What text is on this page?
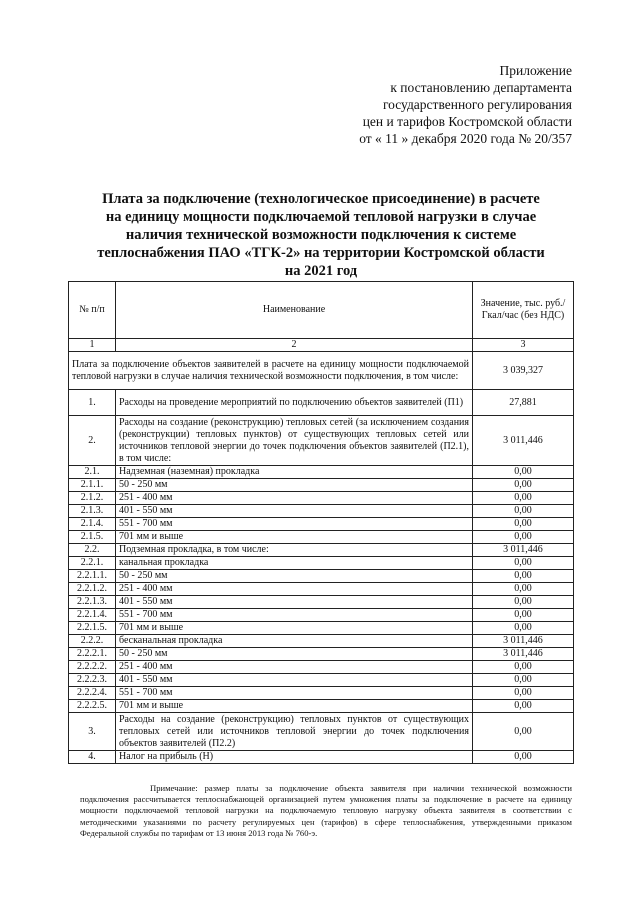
Приложение
к постановлению департамента
государственного регулирования
цен и тарифов Костромской области
от « 11 » декабря 2020 года № 20/357
Плата за подключение (технологическое присоединение) в расчете
на единицу мощности подключаемой тепловой нагрузки в случае
наличия технической возможности подключения к системе
теплоснабжения ПАО «ТГК-2» на территории Костромской области
на 2021 год
№ п/п	Наименование	Значение, тыс. руб./Гкал/час (без НДС)
1	2	3
Плата за подключение объектов заявителей в расчете на единицу мощности подключаемой тепловой нагрузки в случае наличия технической возможности подключения, в том числе:		3 039,327
1.	Расходы на проведение мероприятий по подключению объектов заявителей (П1)	27,881
2.	Расходы на создание (реконструкцию) тепловых сетей (за исключением создания (реконструкции) тепловых пунктов) от существующих тепловых сетей или источников тепловой энергии до точек подключения объектов заявителей (П2.1), в том числе:	3 011,446
2.1.	Надземная (наземная) прокладка	0,00
2.1.1.	50 - 250 мм	0,00
2.1.2.	251 - 400 мм	0,00
2.1.3.	401 - 550 мм	0,00
2.1.4.	551 - 700 мм	0,00
2.1.5.	701 мм и выше	0,00
2.2.	Подземная прокладка, в том числе:	3 011,446
2.2.1.	канальная прокладка	0,00
2.2.1.1.	50 - 250 мм	0,00
2.2.1.2.	251 - 400 мм	0,00
2.2.1.3.	401 - 550 мм	0,00
2.2.1.4.	551 - 700 мм	0,00
2.2.1.5.	701 мм и выше	0,00
2.2.2.	бесканальная прокладка	3 011,446
2.2.2.1.	50 - 250 мм	3 011,446
2.2.2.2.	251 - 400 мм	0,00
2.2.2.3.	401 - 550 мм	0,00
2.2.2.4.	551 - 700 мм	0,00
2.2.2.5.	701 мм и выше	0,00
3.	Расходы на создание (реконструкцию) тепловых пунктов от существующих тепловых сетей или источников тепловой энергии до точек подключения объектов заявителей (П2.2)	0,00
4.	Налог на прибыль (Н)	0,00
Примечание: размер платы за подключение объекта заявителя при наличии технической возможности подключения рассчитывается теплоснабжающей организацией путем умножения платы за подключение в расчете на единицу мощности подключаемой тепловой нагрузки на подключаемую тепловую нагрузку объекта заявителя в соответствии с методическими указаниями по расчету регулируемых цен (тарифов) в сфере теплоснабжения, утвержденными приказом Федеральной службы по тарифам от 13 июня 2013 года № 760-э.
